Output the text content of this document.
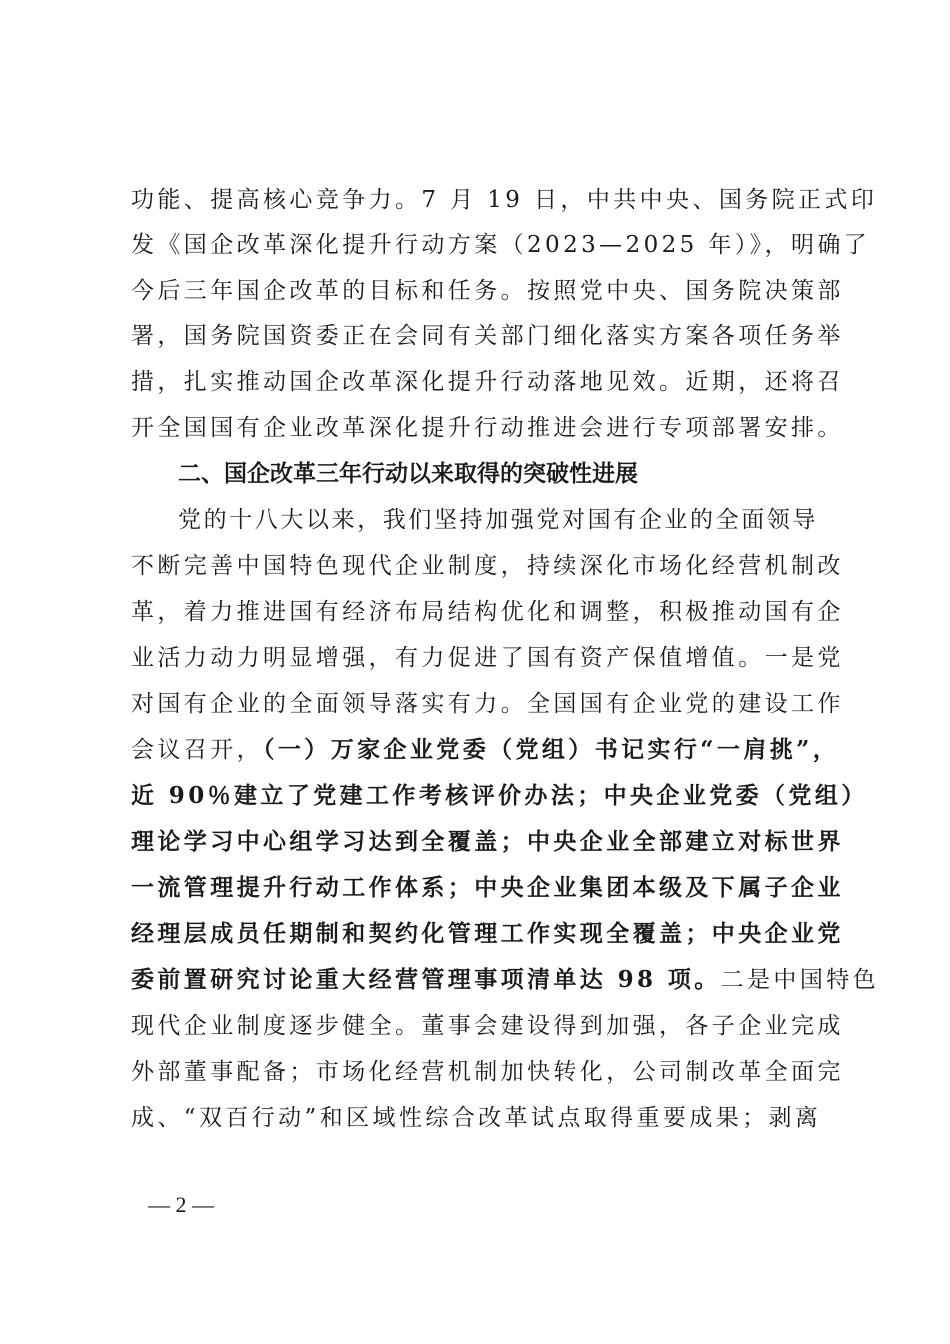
功能、提高核心竞争力。7 月 19 日，中共中央、国务院正式印
发《国企改革深化提升行动方案（2023—2025 年）》，明确了
今后三年国企改革的目标和任务。按照党中央、国务院决策部
署，国务院国资委正在会同有关部门细化落实方案各项任务举
措，扎实推动国企改革深化提升行动落地见效。近期，还将召
开全国国有企业改革深化提升行动推进会进行专项部署安排。
二、国企改革三年行动以来取得的突破性进展
党的十八大以来，我们坚持加强党对国有企业的全面领导
不断完善中国特色现代企业制度，持续深化市场化经营机制改
革，着力推进国有经济布局结构优化和调整，积极推动国有企
业活力动力明显增强，有力促进了国有资产保值增值。一是党
对国有企业的全面领导落实有力。全国国有企业党的建设工作
会议召开，（一）万家企业党委（党组）书记实行“一肩挑”，
近 90％建立了党建工作考核评价办法；中央企业党委（党组）
理论学习中心组学习达到全覆盖；中央企业全部建立对标世界
一流管理提升行动工作体系；中央企业集团本级及下属子企业
经理层成员任期制和契约化管理工作实现全覆盖；中央企业党
委前置研究讨论重大经营管理事项清单达 98 项。二是中国特色
现代企业制度逐步健全。董事会建设得到加强，各子企业完成
外部董事配备；市场化经营机制加快转化，公司制改革全面完
成、“双百行动”和区域性综合改革试点取得重要成果；剥离
— 2 —
